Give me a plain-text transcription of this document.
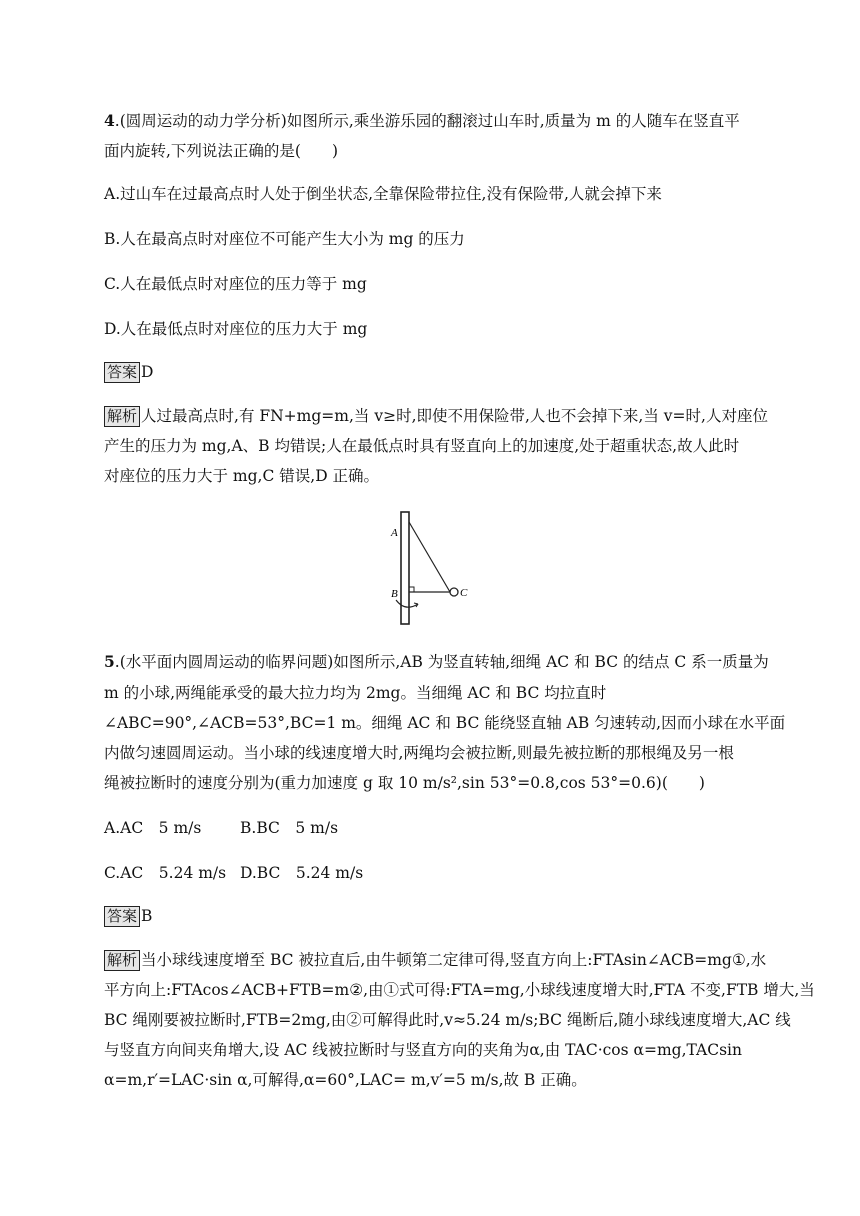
4.(圆周运动的动力学分析)如图所示,乘坐游乐园的翻滚过山车时,质量为 m 的人随车在竖直平
面内旋转,下列说法正确的是(　　)
A.过山车在过最高点时人处于倒坐状态,全靠保险带拉住,没有保险带,人就会掉下来
B.人在最高点时对座位不可能产生大小为 mg 的压力
C.人在最低点时对座位的压力等于 mg
D.人在最低点时对座位的压力大于 mg
答案 D
解析 人过最高点时,有 FN+mg=m,当 v≥时,即使不用保险带,人也不会掉下来,当 v=时,人对座位
产生的压力为 mg,A、B 均错误;人在最低点时具有竖直向上的加速度,处于超重状态,故人此时
对座位的压力大于 mg,C 错误,D 正确。
A
B	C
5.(水平面内圆周运动的临界问题)如图所示,AB 为竖直转轴,细绳 AC 和 BC 的结点 C 系一质量为
m 的小球,两绳能承受的最大拉力均为 2mg。当细绳 AC 和 BC 均拉直时
∠ABC=90°,∠ACB=53°,BC=1 m。细绳 AC 和 BC 能绕竖直轴 AB 匀速转动,因而小球在水平面
内做匀速圆周运动。当小球的线速度增大时,两绳均会被拉断,则最先被拉断的那根绳及另一根
绳被拉断时的速度分别为(重力加速度 g 取 10 m/s²,sin 53°=0.8,cos 53°=0.6)(　　)
A.AC　5 m/s B.BC　5 m/s
C.AC　5.24 m/s D.BC　5.24 m/s
答案 B
解析 当小球线速度增至 BC 被拉直后,由牛顿第二定律可得,竖直方向上:FTAsin∠ACB=mg①,水
平方向上:FTAcos∠ACB+FTB=m②,由①式可得:FTA=mg,小球线速度增大时,FTA 不变,FTB 增大,当
BC 绳刚要被拉断时,FTB=2mg,由②可解得此时,v≈5.24 m/s;BC 绳断后,随小球线速度增大,AC 线
与竖直方向间夹角增大,设 AC 线被拉断时与竖直方向的夹角为α,由 TAC·cos α=mg,TACsin
α=m,r′=LAC·sin α,可解得,α=60°,LAC= m,v′=5 m/s,故 B 正确。
